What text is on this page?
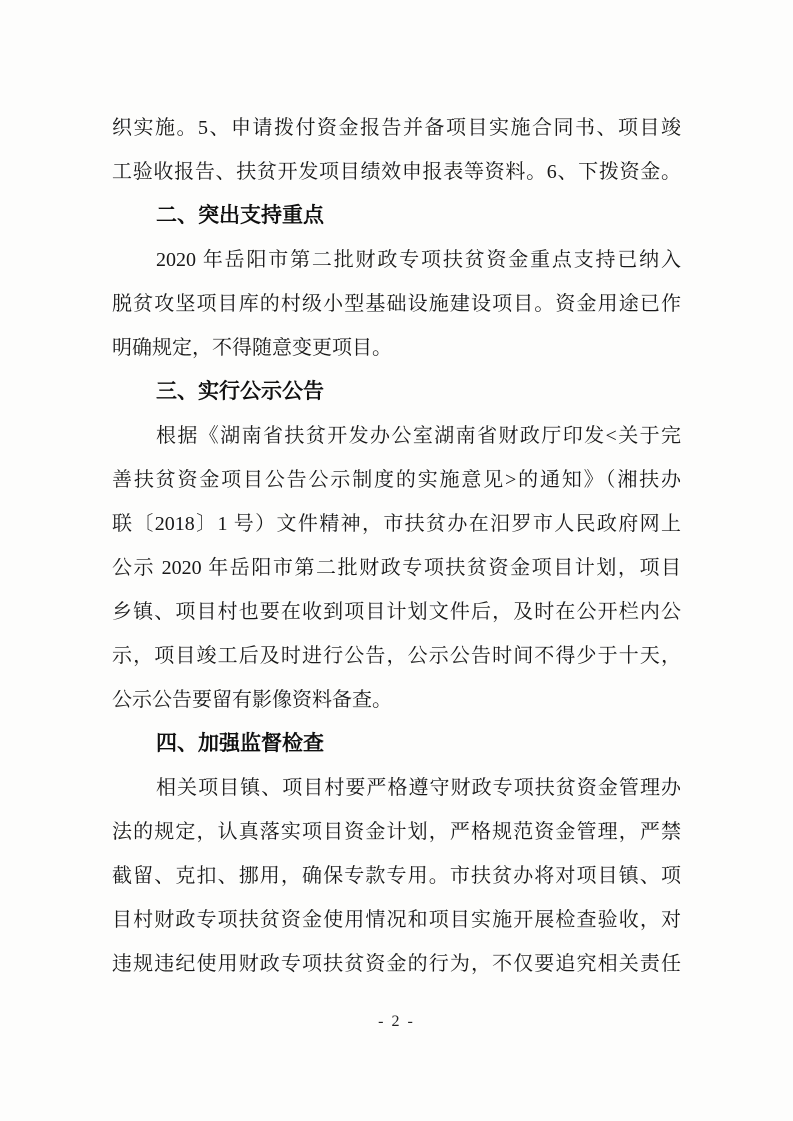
织实施。5、申请拨付资金报告并备项目实施合同书、项目竣
工验收报告、扶贫开发项目绩效申报表等资料。6、下拨资金。
二、突出支持重点
2020 年岳阳市第二批财政专项扶贫资金重点支持已纳入
脱贫攻坚项目库的村级小型基础设施建设项目。资金用途已作
明确规定，不得随意变更项目。
三、实行公示公告
根据《湖南省扶贫开发办公室湖南省财政厅印发<关于完
善扶贫资金项目公告公示制度的实施意见>的通知》（湘扶办
联〔2018〕1 号）文件精神，市扶贫办在汨罗市人民政府网上
公示 2020 年岳阳市第二批财政专项扶贫资金项目计划，项目
乡镇、项目村也要在收到项目计划文件后，及时在公开栏内公
示，项目竣工后及时进行公告，公示公告时间不得少于十天，
公示公告要留有影像资料备查。
四、加强监督检查
相关项目镇、项目村要严格遵守财政专项扶贫资金管理办
法的规定，认真落实项目资金计划，严格规范资金管理，严禁
截留、克扣、挪用，确保专款专用。市扶贫办将对项目镇、项
目村财政专项扶贫资金使用情况和项目实施开展检查验收，对
违规违纪使用财政专项扶贫资金的行为，不仅要追究相关责任
- 2 -
